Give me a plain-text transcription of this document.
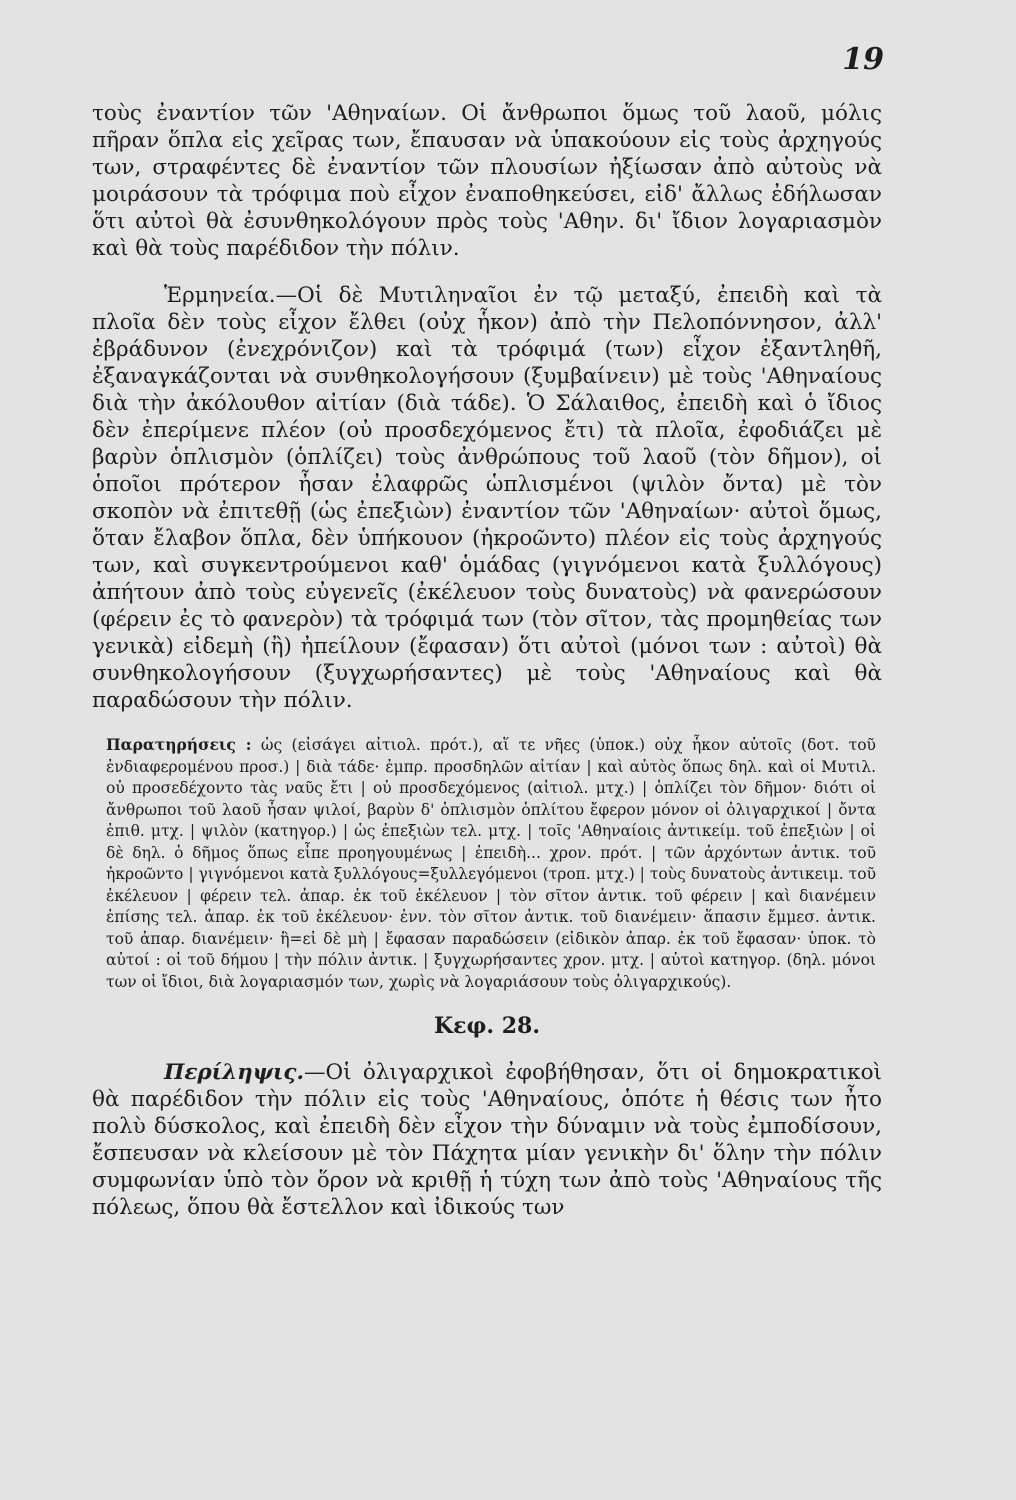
19

τοὺς ἐναντίον τῶν 'Αθηναίων. Οἱ ἄνθρωποι ὅμως τοῦ λαοῦ, μόλις πῆραν ὅπλα εἰς χεῖρας των, ἔπαυσαν νὰ ὑπακούουν εἰς τοὺς ἀρχηγούς των, στραφέντες δὲ ἐναντίον τῶν πλουσίων ἠξίωσαν ἀπὸ αὐτοὺς νὰ μοιράσουν τὰ τρόφιμα ποὺ εἶχον ἐναποθηκεύσει, εἰδ' ἄλλως ἐδήλωσαν ὅτι αὐτοὶ θὰ ἐσυνθηκολόγουν πρὸς τοὺς 'Αθην. δι' ἴδιον λογαριασμὸν καὶ θὰ τοὺς παρέδιδον τὴν πόλιν.

Ἑρμηνεία.—Οἱ δὲ Μυτιληναῖοι ἐν τῷ μεταξύ, ἐπειδὴ καὶ τὰ πλοῖα δὲν τοὺς εἶχον ἔλθει (οὐχ ἧκον) ἀπὸ τὴν Πελοπόννησον, ἀλλ' ἐβράδυνον (ἐνεχρόνιζον) καὶ τὰ τρόφιμά (των) εἶχον ἐξαντληθῆ, ἐξαναγκάζονται νὰ συνθηκολογήσουν (ξυμβαίνειν) μὲ τοὺς 'Αθηναίους διὰ τὴν ἀκόλουθον αἰτίαν (διὰ τάδε). Ὁ Σάλαιθος, ἐπειδὴ καὶ ὁ ἴδιος δὲν ἐπερίμενε πλέον (οὐ προσδεχόμενος ἔτι) τὰ πλοῖα, ἐφοδιάζει μὲ βαρὺν ὁπλισμὸν (ὁπλίζει) τοὺς ἀνθρώπους τοῦ λαοῦ (τὸν δῆμον), οἱ ὁποῖοι πρότερον ἦσαν ἐλαφρῶς ὡπλισμένοι (ψιλὸν ὄντα) μὲ τὸν σκοπὸν νὰ ἐπιτεθῇ (ὡς ἐπεξιὼν) ἐναντίον τῶν 'Αθηναίων· αὐτοὶ ὅμως, ὅταν ἔλαβον ὅπλα, δὲν ὑπήκουον (ἠκροῶντο) πλέον εἰς τοὺς ἀρχηγούς των, καὶ συγκεντρούμενοι καθ' ὁμάδας (γιγνόμενοι κατὰ ξυλλόγους) ἀπήτουν ἀπὸ τοὺς εὐγενεῖς (ἐκέλευον τοὺς δυνατοὺς) νὰ φανερώσουν (φέρειν ἐς τὸ φανερὸν) τὰ τρόφιμά των (τὸν σῖτον, τὰς προμηθείας των γενικὰ) εἰδεμὴ (ἢ) ἠπείλουν (ἔφασαν) ὅτι αὐτοὶ (μόνοι των : αὐτοὶ) θὰ συνθηκολογήσουν (ξυγχωρήσαντες) μὲ τοὺς 'Αθηναίους καὶ θὰ παραδώσουν τὴν πόλιν.

Παρατηρήσεις : ὡς (εἰσάγει αἰτιολ. πρότ.), αἵ τε νῆες (ὑποκ.) οὐχ ἧκον αὐτοῖς (δοτ. τοῦ ἐνδιαφερομένου προσ.) | διὰ τάδε· ἐμπρ. προσδηλῶν αἰτίαν | καὶ αὐτὸς ὅπως δηλ. καὶ οἱ Μυτιλ. οὐ προσεδέχοντο τὰς ναῦς ἔτι | οὐ προσδεχόμενος (αἰτιολ. μτχ.) | ὁπλίζει τὸν δῆμον· διότι οἱ ἄνθρωποι τοῦ λαοῦ ἦσαν ψιλοί, βαρὺν δ' ὁπλισμὸν ὁπλίτου ἔφερον μόνον οἱ ὀλιγαρχικοί | ὄντα ἐπιθ. μτχ. | ψιλὸν (κατηγορ.) | ὡς ἐπεξιὼν τελ. μτχ. | τοῖς 'Αθηναίοις ἀντικείμ. τοῦ ἐπεξιὼν | οἱ δὲ δηλ. ὁ δῆμος ὅπως εἶπε προηγουμένως | ἐπειδὴ... χρον. πρότ. | τῶν ἀρχόντων ἀντικ. τοῦ ἠκροῶντο | γιγνόμενοι κατὰ ξυλλόγους=ξυλλεγόμενοι (τροπ. μτχ.) | τοὺς δυνατοὺς ἀντικειμ. τοῦ ἐκέλευον | φέρειν τελ. ἀπαρ. ἐκ τοῦ ἐκέλευον | τὸν σῖτον ἀντικ. τοῦ φέρειν | καὶ διανέμειν ἐπίσης τελ. ἀπαρ. ἐκ τοῦ ἐκέλευον· ἐνν. τὸν σῖτον ἀντικ. τοῦ διανέμειν· ἅπασιν ἔμμεσ. ἀντικ. τοῦ ἀπαρ. διανέμειν· ἢ=εἰ δὲ μὴ | ἔφασαν παραδώσειν (εἰδικὸν ἀπαρ. ἐκ τοῦ ἔφασαν· ὑποκ. τὸ αὐτοί : οἱ τοῦ δήμου | τὴν πόλιν ἀντικ. | ξυγχωρήσαντες χρον. μτχ. | αὐτοὶ κατηγορ. (δηλ. μόνοι των οἱ ἴδιοι, διὰ λογαριασμόν των, χωρὶς νὰ λογαριάσουν τοὺς ὀλιγαρχικούς).

Κεφ. 28.

Περίληψις.—Οἱ ὀλιγαρχικοὶ ἐφοβήθησαν, ὅτι οἱ δημοκρατικοὶ θὰ παρέδιδον τὴν πόλιν εἰς τοὺς 'Αθηναίους, ὁπότε ἡ θέσις των ἦτο πολὺ δύσκολος, καὶ ἐπειδὴ δὲν εἶχον τὴν δύναμιν νὰ τοὺς ἐμποδίσουν, ἔσπευσαν νὰ κλείσουν μὲ τὸν Πάχητα μίαν γενικὴν δι' ὅλην τὴν πόλιν συμφωνίαν ὑπὸ τὸν ὅρον νὰ κριθῇ ἡ τύχη των ἀπὸ τοὺς 'Αθηναίους τῆς πόλεως, ὅπου θὰ ἔστελλον καὶ ἰδικούς των
